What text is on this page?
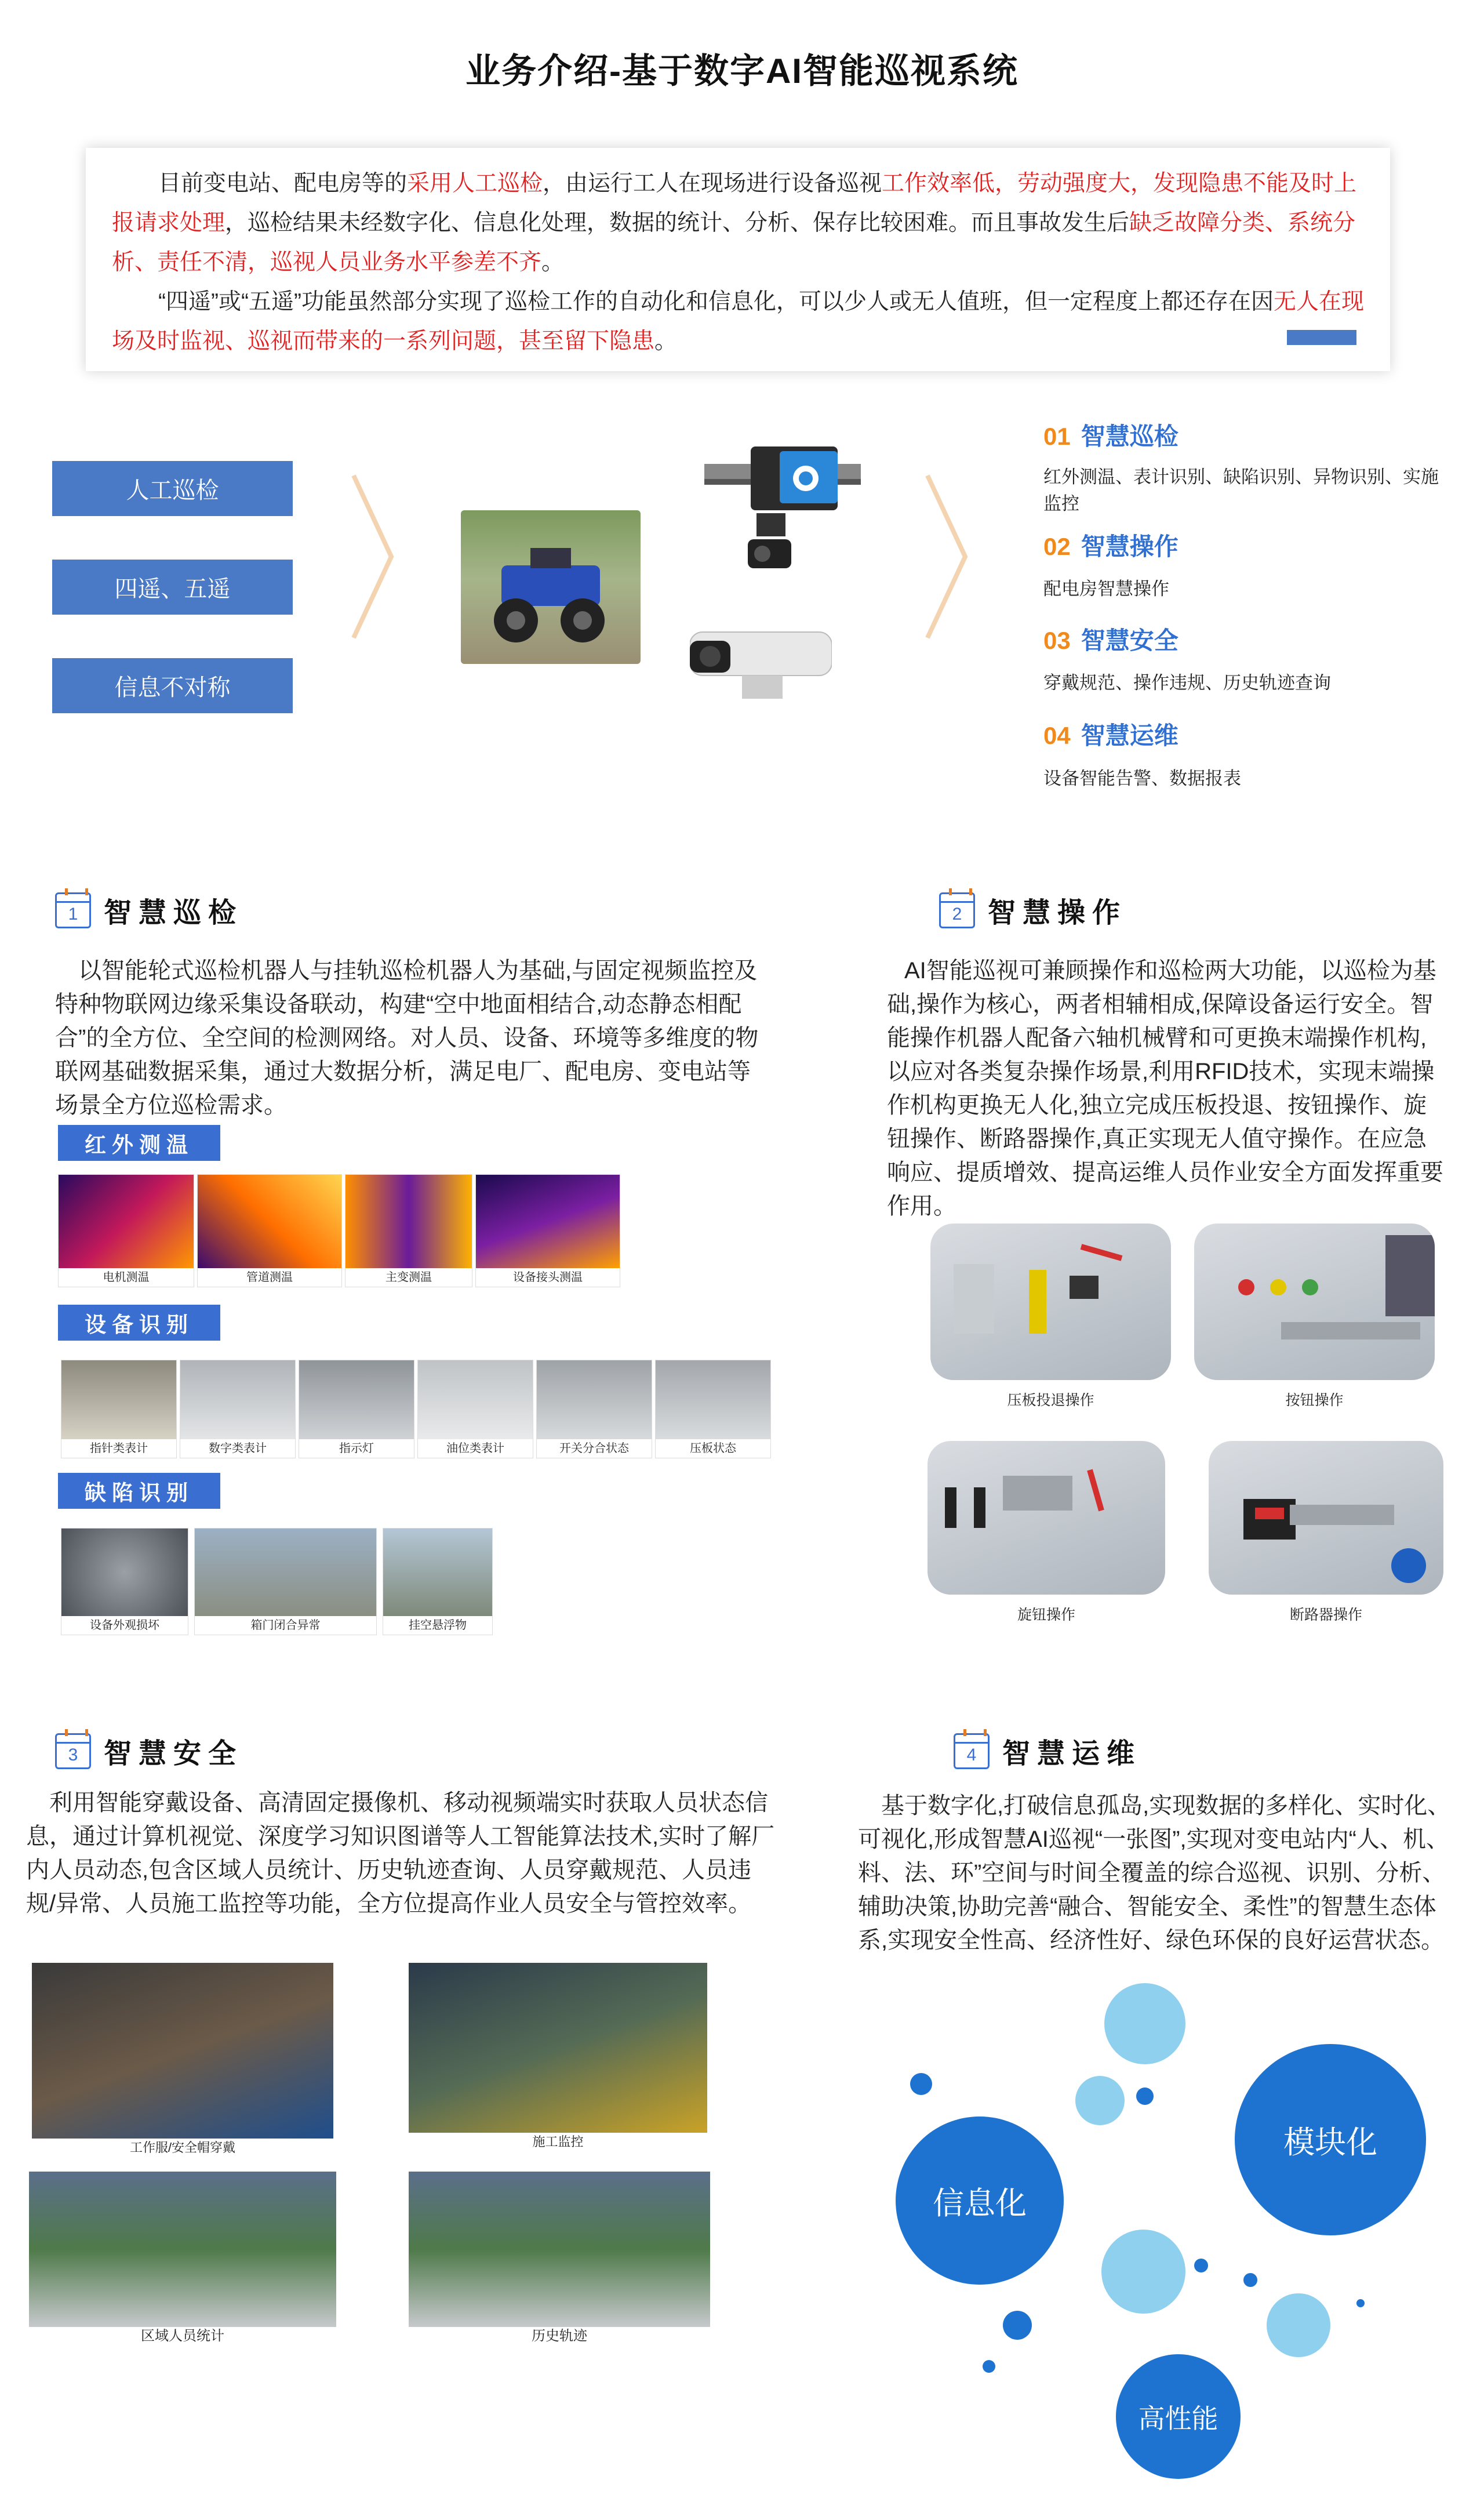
业务介绍-基于数字AI智能巡视系统

目前变电站、配电房等的采用人工巡检，由运行工人在现场进行设备巡视工作效率低，劳动强度大，发现隐患不能及时上报请求处理，巡检结果未经数字化、信息化处理，数据的统计、分析、保存比较困难。而且事故发生后缺乏故障分类、系统分析、责任不清，巡视人员业务水平参差不齐。

“四遥”或“五遥”功能虽然部分实现了巡检工作的自动化和信息化，可以少人或无人值班，但一定程度上都还存在因无人在现场及时监视、巡视而带来的一系列问题，甚至留下隐患。

人工巡检
四遥、五遥
信息不对称
01 智慧巡检
红外测温、表计识别、缺陷识别、异物识别、实施监控
02 智慧操作
配电房智慧操作
03 智慧安全
穿戴规范、操作违规、历史轨迹查询
04 智慧运维
设备智能告警、数据报表
1 智慧巡检
以智能轮式巡检机器人与挂轨巡检机器人为基础,与固定视频监控及特种物联网边缘采集设备联动，构建“空中地面相结合,动态静态相配合”的全方位、全空间的检测网络。对人员、设备、环境等多维度的物联网基础数据采集，通过大数据分析，满足电厂、配电房、变电站等场景全方位巡检需求。
红外测温
电机测温	管道测温	主变测温	设备接头测温
设备识别
指针类表计	数字类表计	指示灯	油位类表计	开关分合状态	压板状态
缺陷识别
设备外观损坏	箱门闭合异常	挂空悬浮物
2 智慧操作
AI智能巡视可兼顾操作和巡检两大功能，以巡检为基础,操作为核心，两者相辅相成,保障设备运行安全。智能操作机器人配备六轴机械臂和可更换末端操作机构,以应对各类复杂操作场景,利用RFID技术，实现末端操作机构更换无人化,独立完成压板投退、按钮操作、旋钮操作、断路器操作,真正实现无人值守操作。在应急响应、提质增效、提高运维人员作业安全方面发挥重要作用。
压板投退操作	按钮操作
旋钮操作	断路器操作
3 智慧安全
利用智能穿戴设备、高清固定摄像机、移动视频端实时获取人员状态信息，通过计算机视觉、深度学习知识图谱等人工智能算法技术,实时了解厂内人员动态,包含区域人员统计、历史轨迹查询、人员穿戴规范、人员违规/异常、人员施工监控等功能，全方位提高作业人员安全与管控效率。
工作服/安全帽穿戴	施工监控
区域人员统计	历史轨迹
4 智慧运维
基于数字化,打破信息孤岛,实现数据的多样化、实时化、可视化,形成智慧AI巡视“一张图”,实现对变电站内“人、机、料、法、环”空间与时间全覆盖的综合巡视、识别、分析、辅助决策,协助完善“融合、智能安全、柔性”的智慧生态体系,实现安全性高、经济性好、绿色环保的良好运营状态。
信息化
模块化
高性能
